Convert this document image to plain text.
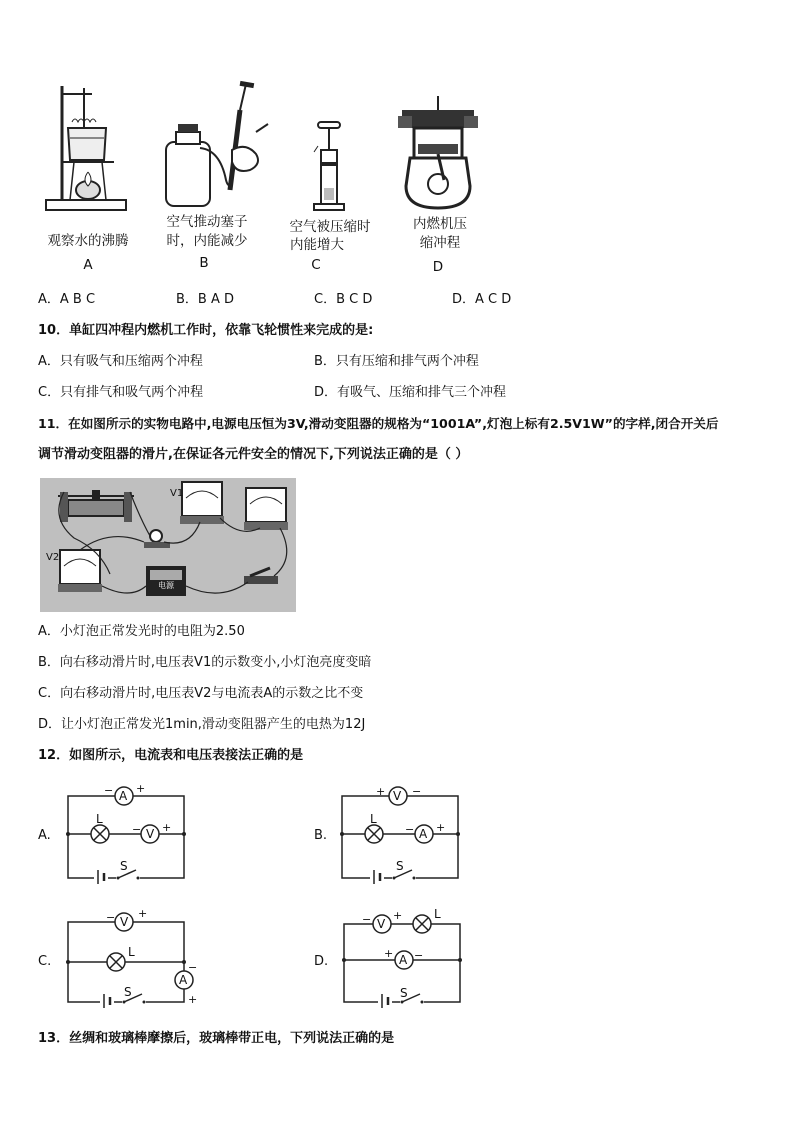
观察水的沸腾
A
空气推动塞子
时，内能减少
B
空气被压缩时
内能增大
C
内燃机压
缩冲程
D
A．A B C	B．B A D	C．B C D	D．A C D
10．单缸四冲程内燃机工作时，依靠飞轮惯性来完成的是:
A．只有吸气和压缩两个冲程	B．只有压缩和排气两个冲程
C．只有排气和吸气两个冲程	D．有吸气、压缩和排气三个冲程
11．在如图所示的实物电路中,电源电压恒为3V,滑动变阻器的规格为“1001A”,灯泡上标有2.5V1W”的字样,闭合开关后
调节滑动变阻器的滑片,在保证各元件安全的情况下,下列说法正确的是（ ）
V1
V2
电源
A．小灯泡正常发光时的电阻为2.50
B．向右移动滑片时,电压表V1的示数变小,小灯泡亮度变暗
C．向右移动滑片时,电压表V2与电流表A的示数之比不变
D．让小灯泡正常发光1min,滑动变阻器产生的电热为12J
12．如图所示，电流表和电压表接法正确的是
A.
A
− +
V
− +
L
S
B.
V
+ −
A
− +
L
S
C.
V
− +
A
−
+
L
S
D.
V
− +
A
+ −
L
S
13．丝绸和玻璃棒摩擦后，玻璃棒带正电，下列说法正确的是
